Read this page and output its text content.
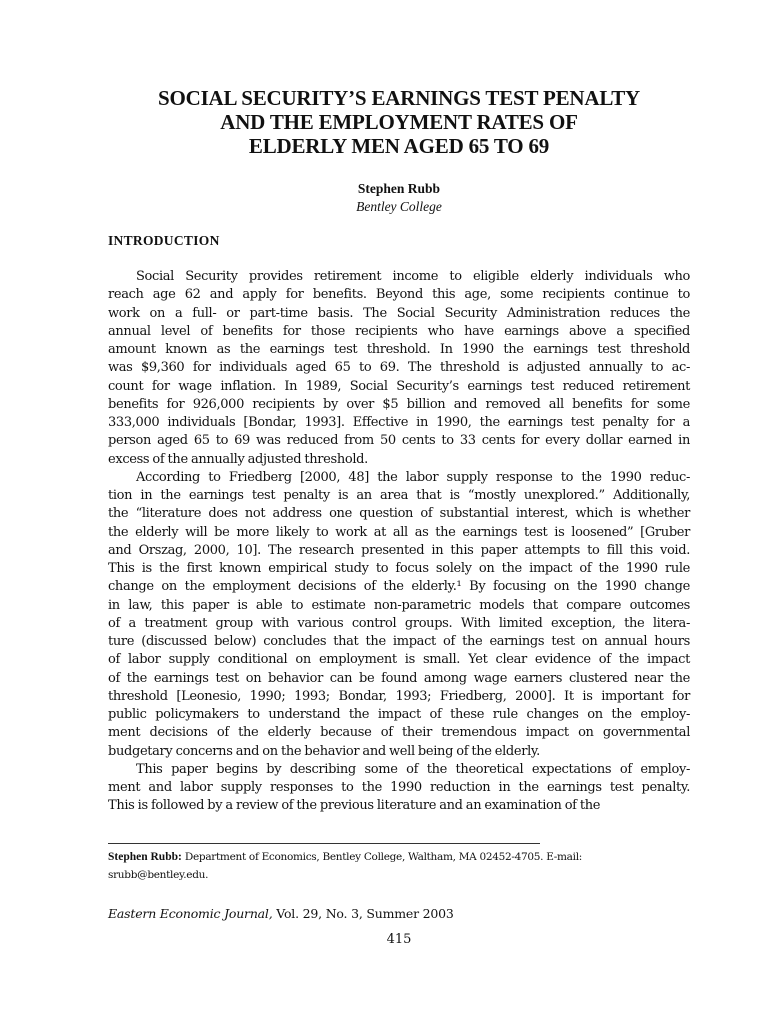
SOCIAL SECURITY’S EARNINGS TEST PENALTY
AND THE EMPLOYMENT RATES OF
ELDERLY MEN AGED 65 TO 69
Stephen Rubb
Bentley College
INTRODUCTION
Social Security provides retirement income to eligible elderly individuals who
reach age 62 and apply for benefits. Beyond this age, some recipients continue to
work on a full- or part-time basis. The Social Security Administration reduces the
annual level of benefits for those recipients who have earnings above a specified
amount known as the earnings test threshold. In 1990 the earnings test threshold
was $9,360 for individuals aged 65 to 69. The threshold is adjusted annually to ac-
count for wage inflation. In 1989, Social Security’s earnings test reduced retirement
benefits for 926,000 recipients by over $5 billion and removed all benefits for some
333,000 individuals [Bondar, 1993]. Effective in 1990, the earnings test penalty for a
person aged 65 to 69 was reduced from 50 cents to 33 cents for every dollar earned in
excess of the annually adjusted threshold.
According to Friedberg [2000, 48] the labor supply response to the 1990 reduc-
tion in the earnings test penalty is an area that is “mostly unexplored.” Additionally,
the “literature does not address one question of substantial interest, which is whether
the elderly will be more likely to work at all as the earnings test is loosened” [Gruber
and Orszag, 2000, 10]. The research presented in this paper attempts to fill this void.
This is the first known empirical study to focus solely on the impact of the 1990 rule
change on the employment decisions of the elderly.¹ By focusing on the 1990 change
in law, this paper is able to estimate non-parametric models that compare outcomes
of a treatment group with various control groups. With limited exception, the litera-
ture (discussed below) concludes that the impact of the earnings test on annual hours
of labor supply conditional on employment is small. Yet clear evidence of the impact
of the earnings test on behavior can be found among wage earners clustered near the
threshold [Leonesio, 1990; 1993; Bondar, 1993; Friedberg, 2000]. It is important for
public policymakers to understand the impact of these rule changes on the employ-
ment decisions of the elderly because of their tremendous impact on governmental
budgetary concerns and on the behavior and well being of the elderly.
This paper begins by describing some of the theoretical expectations of employ-
ment and labor supply responses to the 1990 reduction in the earnings test penalty.
This is followed by a review of the previous literature and an examination of the
Stephen Rubb: Department of Economics, Bentley College, Waltham, MA 02452-4705. E-mail:
srubb@bentley.edu.
Eastern Economic Journal, Vol. 29, No. 3, Summer 2003
415
